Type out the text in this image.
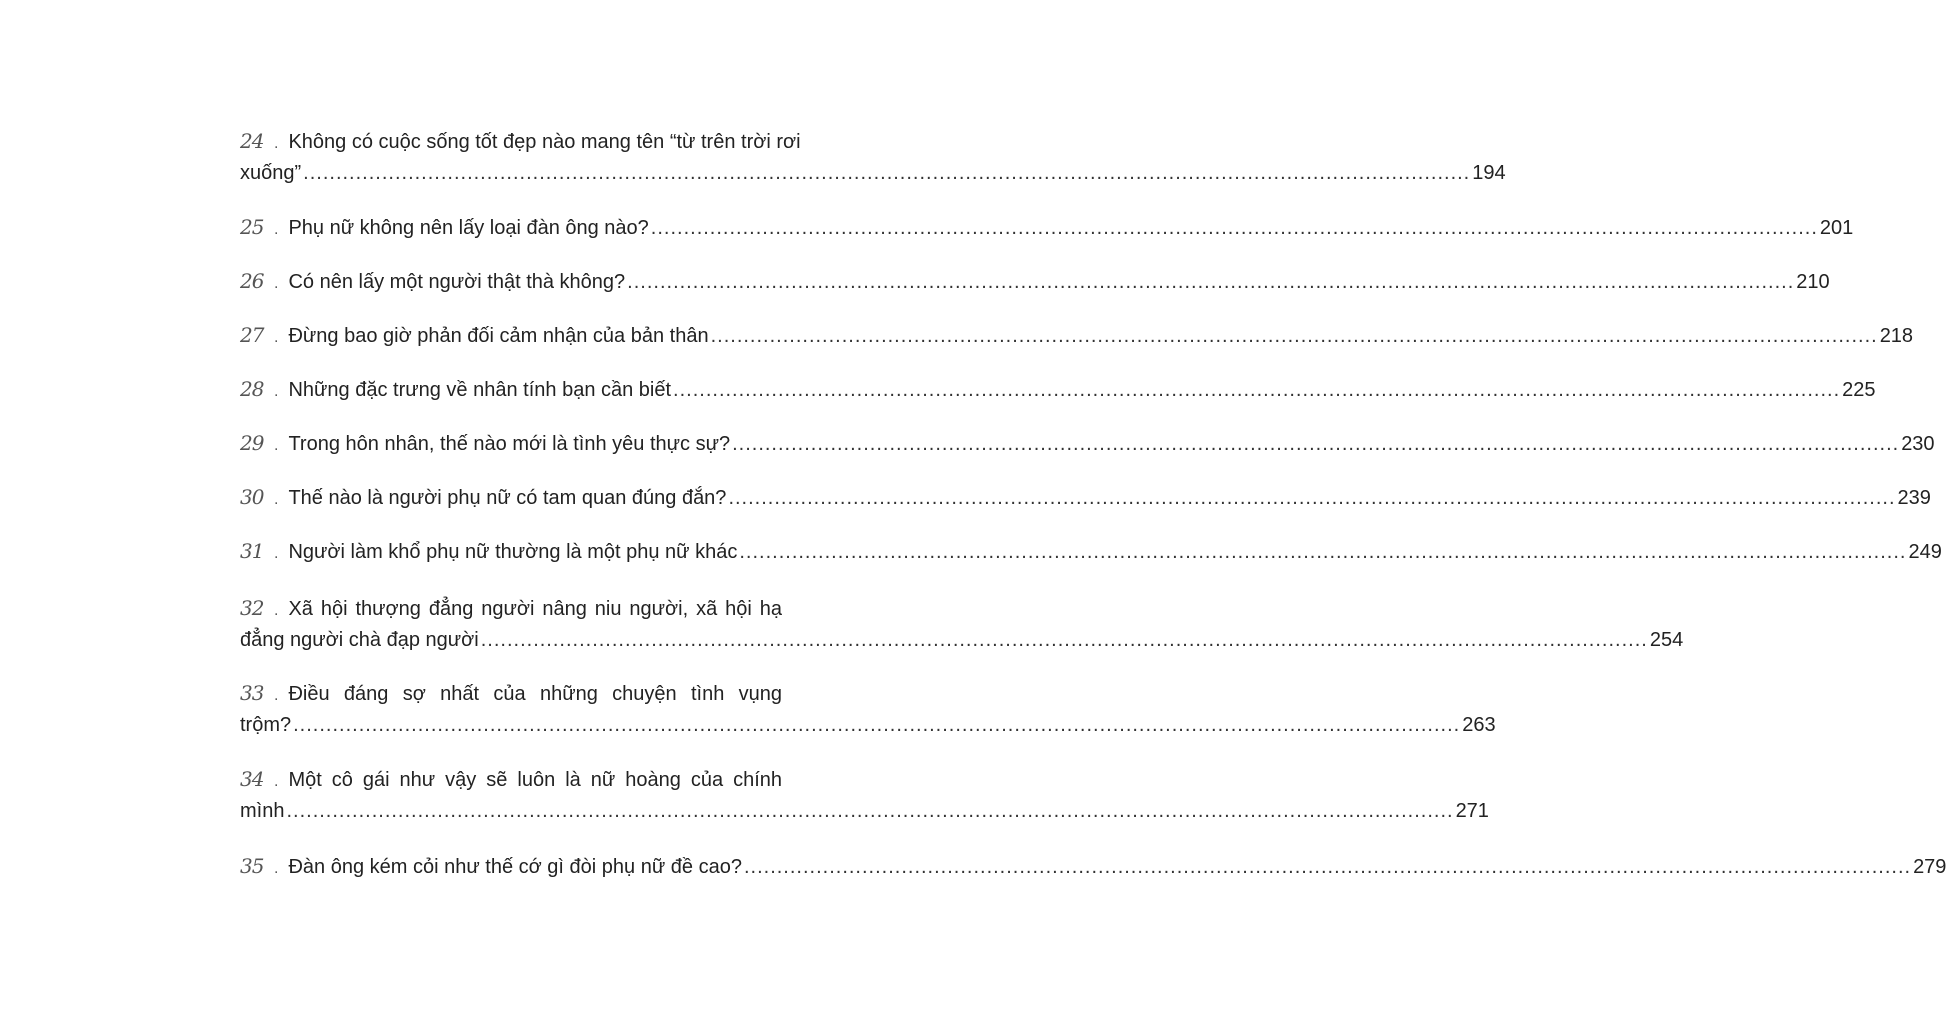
24 . Không có cuộc sống tốt đẹp nào mang tên “từ trên trời rơi
xuống” .....	194
25 . Phụ nữ không nên lấy loại đàn ông nào? .....	201
26 . Có nên lấy một người thật thà không? .....	210
27 . Đừng bao giờ phản đối cảm nhận của bản thân .....	218
28 . Những đặc trưng về nhân tính bạn cần biết .....	225
29 . Trong hôn nhân, thế nào mới là tình yêu thực sự? .....	230
30 . Thế nào là người phụ nữ có tam quan đúng đắn? .....	239
31 . Người làm khổ phụ nữ thường là một phụ nữ khác .....	249
32 . Xã hội thượng đẳng người nâng niu người, xã hội hạ
đẳng người chà đạp người .....	254
33 . Điều đáng sợ nhất của những chuyện tình vụng
trộm? .....	263
34 . Một cô gái như vậy sẽ luôn là nữ hoàng của chính
mình .....	271
35 . Đàn ông kém cỏi như thế cớ gì đòi phụ nữ đề cao? .....	279
